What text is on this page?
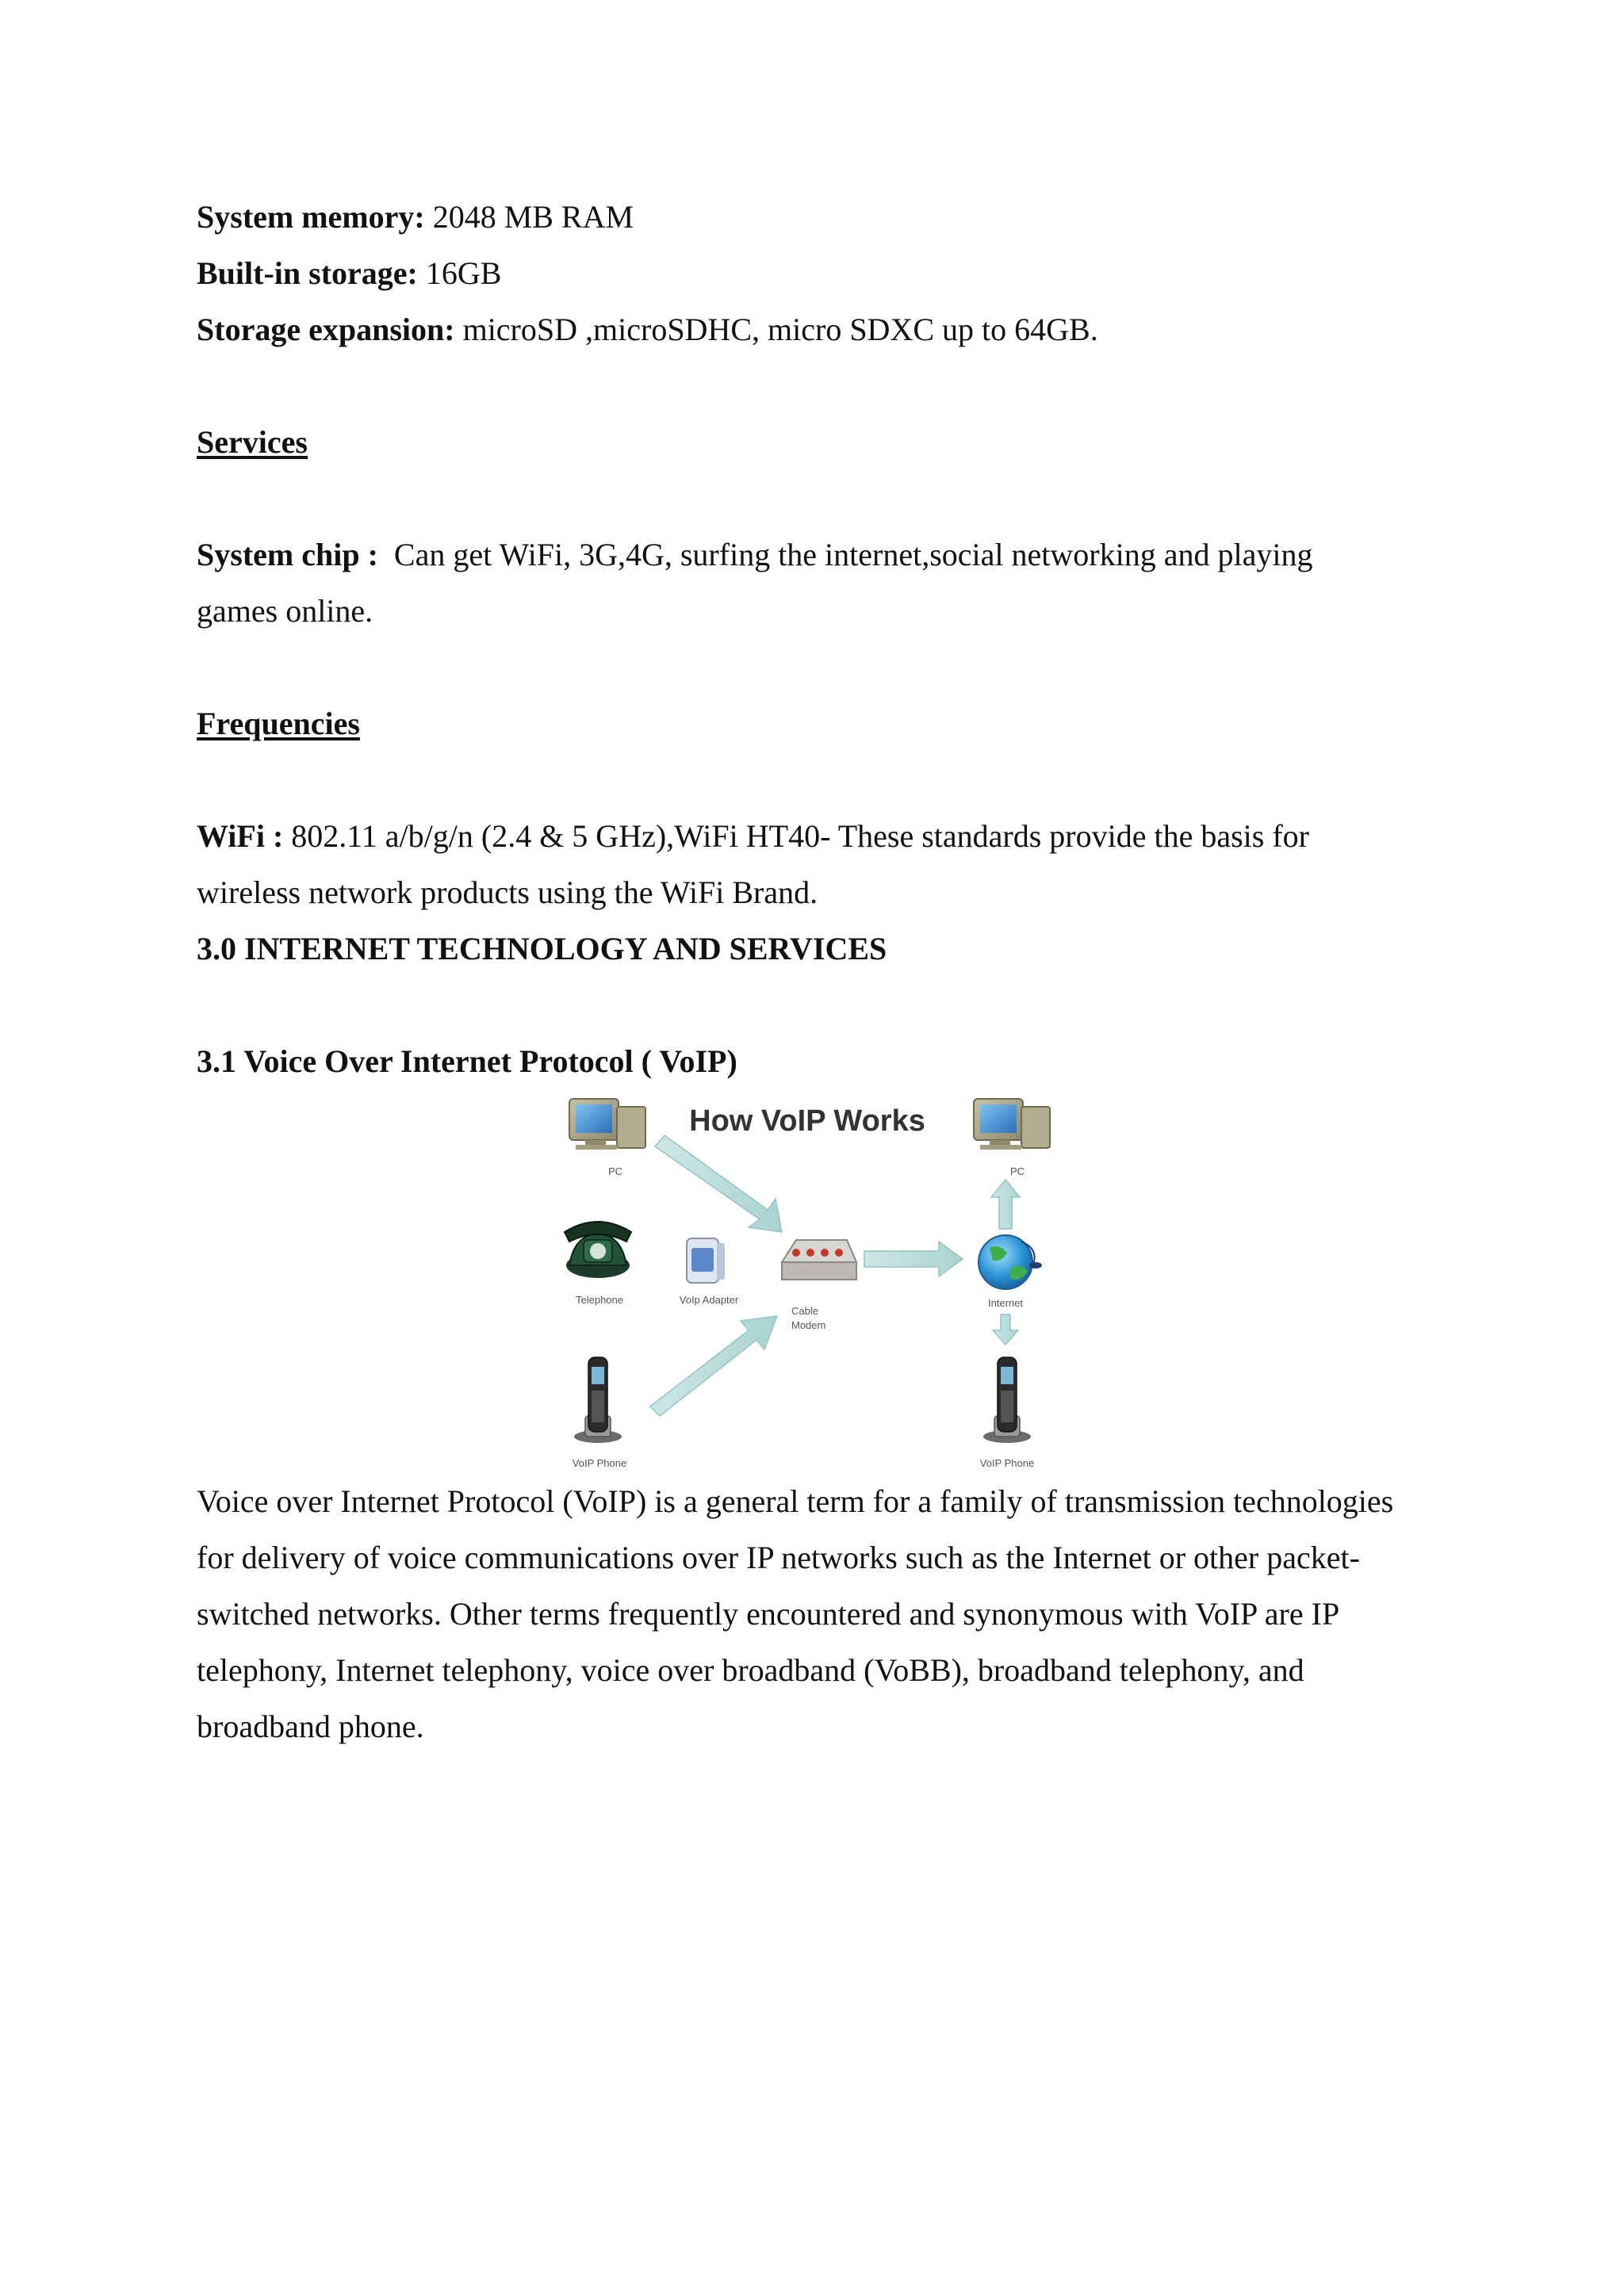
System memory: 2048 MB RAM

Built-in storage: 16GB

Storage expansion: microSD ,microSDHC, micro SDXC up to 64GB.

Services

System chip :  Can get WiFi, 3G,4G, surfing the internet,social networking and playing games online.

Frequencies

WiFi : 802.11 a/b/g/n (2.4 & 5 GHz),WiFi HT40- These standards provide the basis for wireless network products using the WiFi Brand.

3.0 INTERNET TECHNOLOGY AND SERVICES

3.1 Voice Over Internet Protocol ( VoIP)

How VoIP Works
PC	PC
Telephone	VoIp Adapter
Cable
Modem
Internet
VoIP Phone	VoIP Phone

Voice over Internet Protocol (VoIP) is a general term for a family of transmission technologies for delivery of voice communications over IP networks such as the Internet or other packet-switched networks. Other terms frequently encountered and synonymous with VoIP are IP telephony, Internet telephony, voice over broadband (VoBB), broadband telephony, and broadband phone.
